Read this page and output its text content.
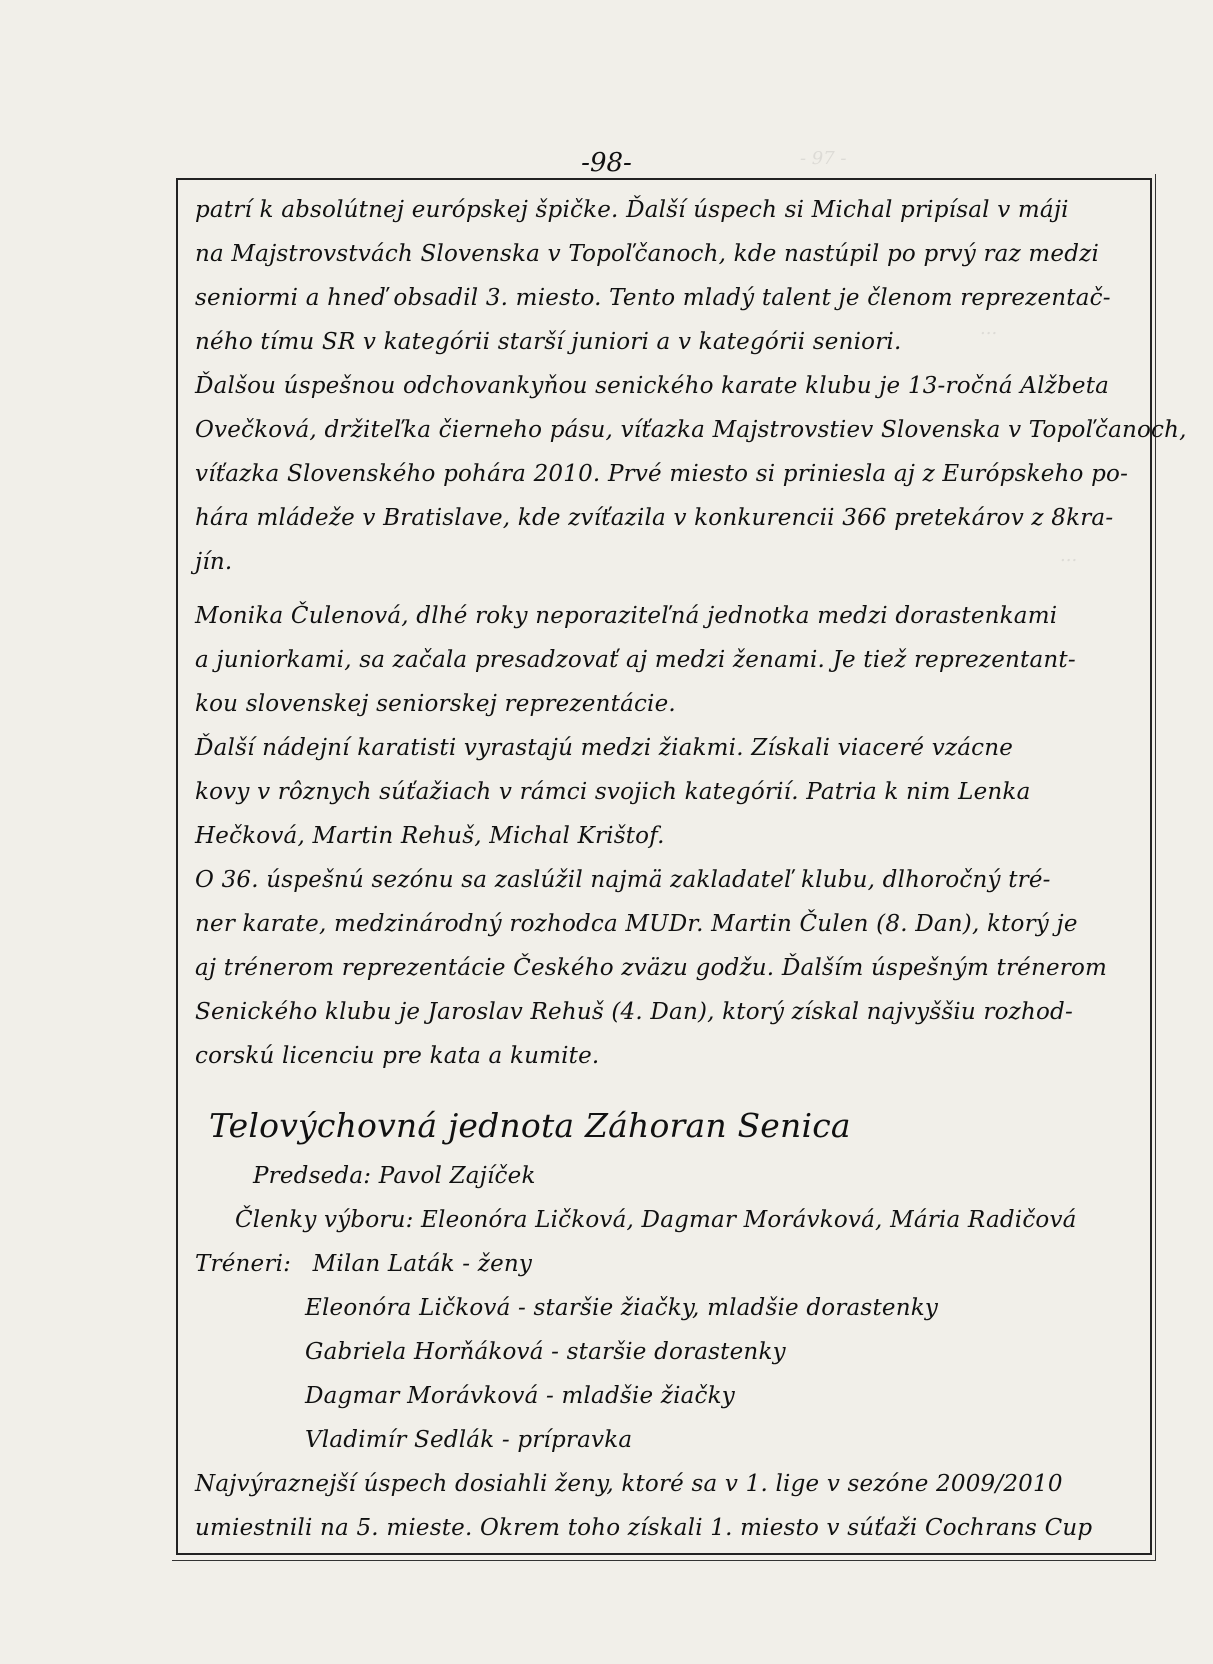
- 97 -
...
...
-98-
patrí k absolútnej európskej špičke. Ďalší úspech si Michal pripísal v máji
na Majstrovstvách Slovenska v Topoľčanoch, kde nastúpil po prvý raz medzi
seniormi a hneď obsadil 3. miesto. Tento mladý talent je členom reprezentač-
ného tímu SR v kategórii starší juniori a v kategórii seniori.
Ďalšou úspešnou odchovankyňou senického karate klubu je 13-ročná Alžbeta
Ovečková, držiteľka čierneho pásu, víťazka Majstrovstiev Slovenska v Topoľčanoch,
víťazka Slovenského pohára 2010. Prvé miesto si priniesla aj z Európskeho po-
hára mládeže v Bratislave, kde zvíťazila v konkurencii 366 pretekárov z 8kra-
jín.
Monika Čulenová, dlhé roky neporaziteľná jednotka medzi dorastenkami
a juniorkami, sa začala presadzovať aj medzi ženami. Je tiež reprezentant-
kou slovenskej seniorskej reprezentácie.
Ďalší nádejní karatisti vyrastajú medzi žiakmi. Získali viaceré vzácne
kovy v rôznych súťažiach v rámci svojich kategórií. Patria k nim Lenka
Hečková, Martin Rehuš, Michal Krištof.
O 36. úspešnú sezónu sa zaslúžil najmä zakladateľ klubu, dlhoročný tré-
ner karate, medzinárodný rozhodca MUDr. Martin Čulen (8. Dan), ktorý je
aj trénerom reprezentácie Českého zväzu godžu. Ďalším úspešným trénerom
Senického klubu je Jaroslav Rehuš (4. Dan), ktorý získal najvyššiu rozhod-
corskú licenciu pre kata a kumite.
Telovýchovná jednota Záhoran Senica
Predseda: Pavol Zajíček
Členky výboru: Eleonóra Ličková, Dagmar Morávková, Mária Radičová
Tréneri: Milan Laták - ženy
Eleonóra Ličková - staršie žiačky, mladšie dorastenky
Gabriela Horňáková - staršie dorastenky
Dagmar Morávková - mladšie žiačky
Vladimír Sedlák - prípravka
Najvýraznejší úspech dosiahli ženy, ktoré sa v 1. lige v sezóne 2009/2010
umiestnili na 5. mieste. Okrem toho získali 1. miesto v súťaži Cochrans Cup
